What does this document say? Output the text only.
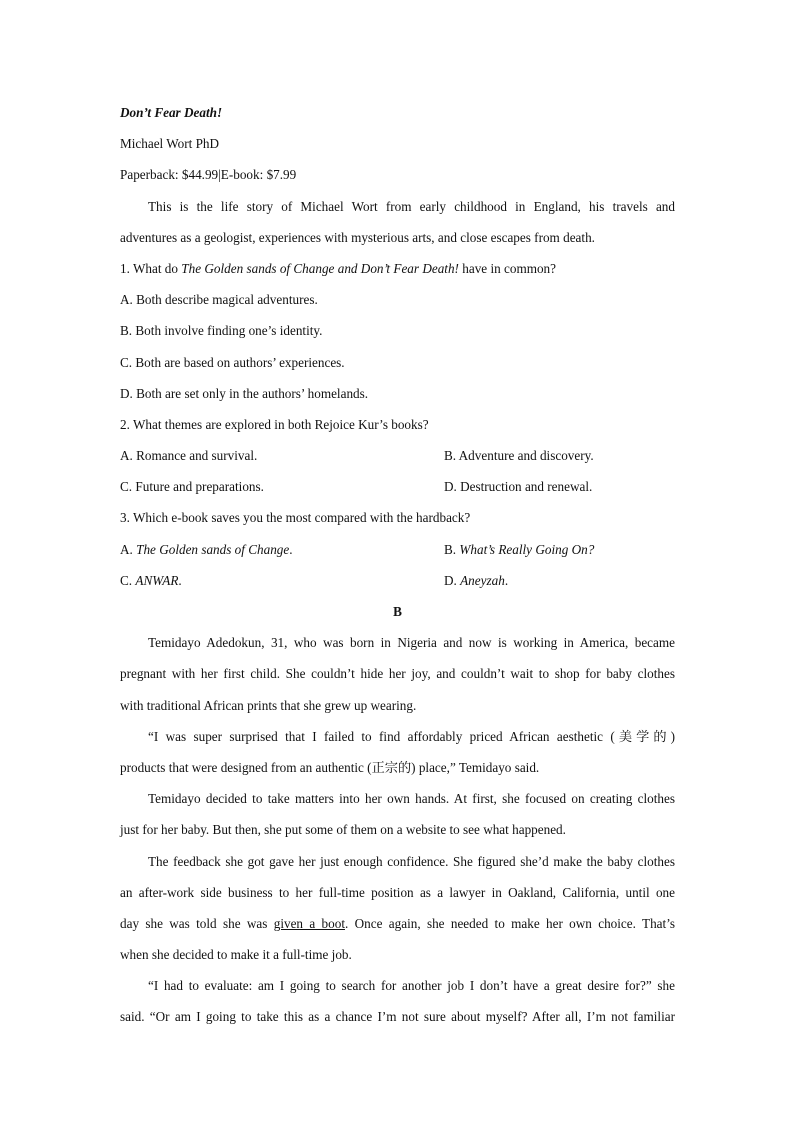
Don’t Fear Death!
Michael Wort PhD
Paperback: $44.99|E-book: $7.99
This is the life story of Michael Wort from early childhood in England, his travels and
adventures as a geologist, experiences with mysterious arts, and close escapes from death.
1. What do The Golden sands of Change and Don’t Fear Death! have in common?
A. Both describe magical adventures.
B. Both involve finding one’s identity.
C. Both are based on authors’ experiences.
D. Both are set only in the authors’ homelands.
2. What themes are explored in both Rejoice Kur’s books?
A. Romance and survival.	B. Adventure and discovery.
C. Future and preparations.	D. Destruction and renewal.
3. Which e-book saves you the most compared with the hardback?
A. The Golden sands of Change.	B. What’s Really Going On?
C. ANWAR.	D. Aneyzah.
B
Temidayo Adedokun, 31, who was born in Nigeria and now is working in America, became
pregnant with her first child. She couldn’t hide her joy, and couldn’t wait to shop for baby clothes
with traditional African prints that she grew up wearing.
“I was super surprised that I failed to find affordably priced African aesthetic (美学的)
products that were designed from an authentic (正宗的) place,” Temidayo said.
Temidayo decided to take matters into her own hands. At first, she focused on creating clothes
just for her baby. But then, she put some of them on a website to see what happened.
The feedback she got gave her just enough confidence. She figured she’d make the baby clothes
an after-work side business to her full-time position as a lawyer in Oakland, California, until one
day she was told she was given a boot. Once again, she needed to make her own choice. That’s
when she decided to make it a full-time job.
“I had to evaluate: am I going to search for another job I don’t have a great desire for?” she
said. “Or am I going to take this as a chance I’m not sure about myself? After all, I’m not familiar
